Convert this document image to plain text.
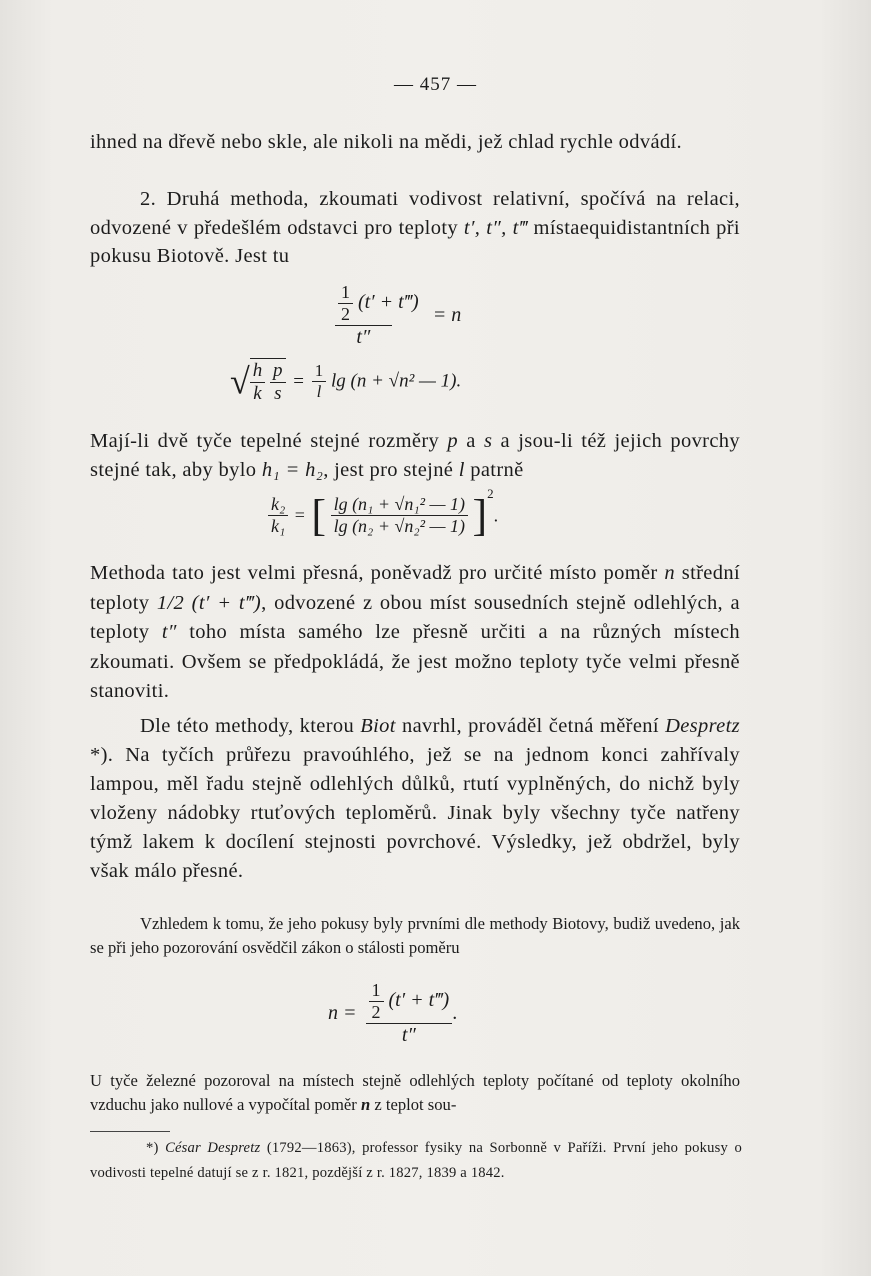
— 457 —

ihned na dřevě nebo skle, ale nikoli na mědi, jež chlad rychle odvádí.

2. Druhá methoda, zkoumati vodivost relativní, spočívá na relaci, odvozené v předešlém odstavci pro teploty t′, t″, t‴ místaequidistantních při pokusu Biotově. Jest tu

$\frac{\frac{1}{2} (t' + t‴)}{t''} = n$
√ $\frac{h}{k}$
$\frac{p}{s} = \frac{1}{l}$ lg (n + √n² — 1).

Mají-li dvě tyče tepelné stejné rozměry p a s a jsou-li též jejich povrchy stejné tak, aby bylo h₁ = h₂, jest pro stejné l patrně

$\frac{\text{k₂}}{\text{k₁}}$ = [ $\frac{\text{lg (n₁ + √n₁² — 1)}}{\text{lg (n₂ + √n₂² — 1)}} ]^2$.

Methoda tato jest velmi přesná, poněvadž pro určité místo poměr n střední teploty 1/2 (t′ + t‴), odvozené z obou míst sousedních stejně odlehlých, a teploty t″ toho místa samého lze přesně určiti a na různých místech zkoumati. Ovšem se předpokládá, že jest možno teploty tyče velmi přesně stanoviti.

Dle této methody, kterou Biot navrhl, prováděl četná měření Despretz *). Na tyčích průřezu pravoúhlého, jež se na jednom konci zahřívaly lampou, měl řadu stejně odlehlých důlků, rtutí vyplněných, do nichž byly vloženy nádobky rtuťových teploměrů. Jinak byly všechny tyče natřeny týmž lakem k docílení stejnosti povrchové. Výsledky, jež obdržel, byly však málo přesné.

Vzhledem k tomu, že jeho pokusy byly prvními dle methody Biotovy, budiž uvedeno, jak se při jeho pozorování osvědčil zákon o stálosti poměru

$n = \frac{\frac{1}{2} (t' + t‴)}{t''}$ .

U tyče železné pozoroval na místech stejně odlehlých teploty počítané od teploty okolního vzduchu jako nullové a vypočítal poměr n z teplot sou-

*) César Despretz (1792—1863), professor fysiky na Sorbonně v Paříži. První jeho pokusy o vodivosti tepelné datují se z r. 1821, pozdější z r. 1827, 1839 a 1842.
